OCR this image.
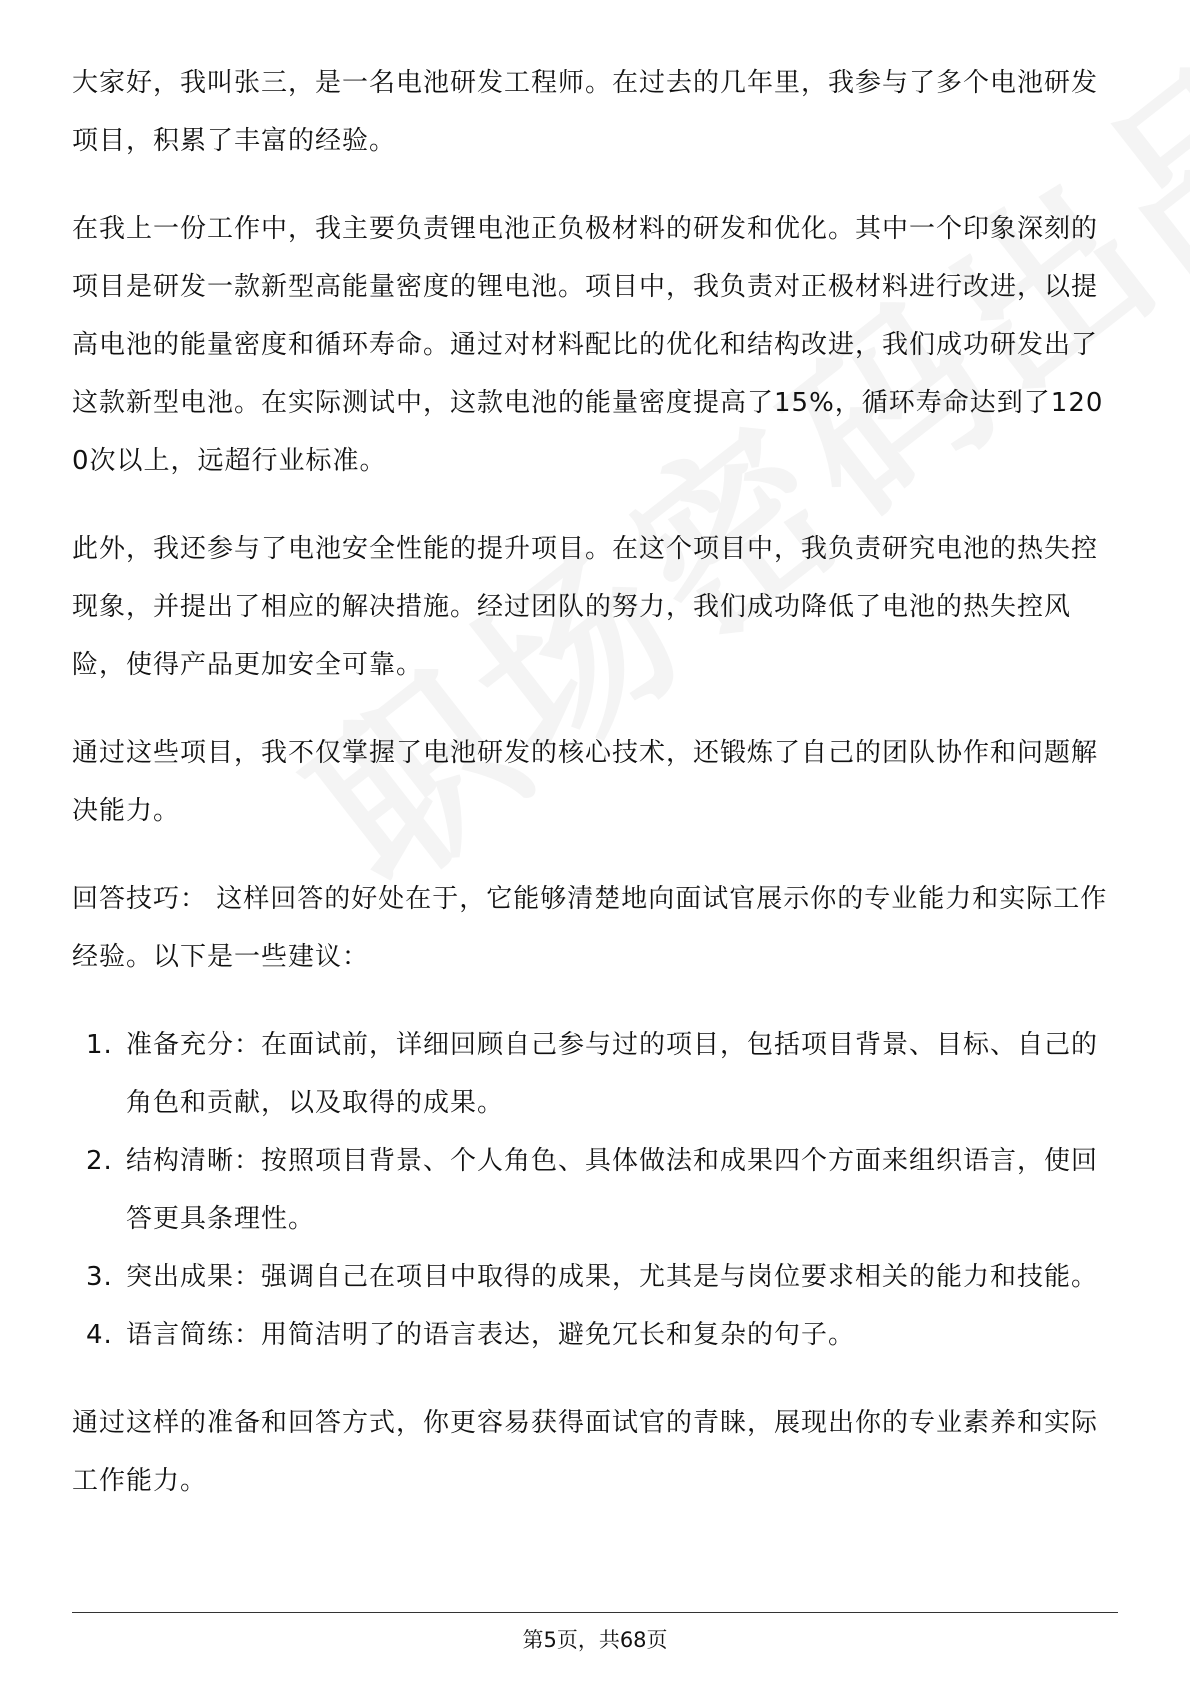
大家好，我叫张三，是一名电池研发工程师。在过去的几年里，我参与了多个电池研发项目，积累了丰富的经验。

在我上一份工作中，我主要负责锂电池正负极材料的研发和优化。其中一个印象深刻的项目是研发一款新型高能量密度的锂电池。项目中，我负责对正极材料进行改进，以提高电池的能量密度和循环寿命。通过对材料配比的优化和结构改进，我们成功研发出了这款新型电池。在实际测试中，这款电池的能量密度提高了15%，循环寿命达到了1200次以上，远超行业标准。

此外，我还参与了电池安全性能的提升项目。在这个项目中，我负责研究电池的热失控现象，并提出了相应的解决措施。经过团队的努力，我们成功降低了电池的热失控风险，使得产品更加安全可靠。

通过这些项目，我不仅掌握了电池研发的核心技术，还锻炼了自己的团队协作和问题解决能力。

回答技巧： 这样回答的好处在于，它能够清楚地向面试官展示你的专业能力和实际工作经验。以下是一些建议：

1. 准备充分：在面试前，详细回顾自己参与过的项目，包括项目背景、目标、自己的角色和贡献，以及取得的成果。
2. 结构清晰：按照项目背景、个人角色、具体做法和成果四个方面来组织语言，使回答更具条理性。
3. 突出成果：强调自己在项目中取得的成果，尤其是与岗位要求相关的能力和技能。
4. 语言简练：用简洁明了的语言表达，避免冗长和复杂的句子。

通过这样的准备和回答方式，你更容易获得面试官的青睐，展现出你的专业素养和实际工作能力。

第5页，共68页
